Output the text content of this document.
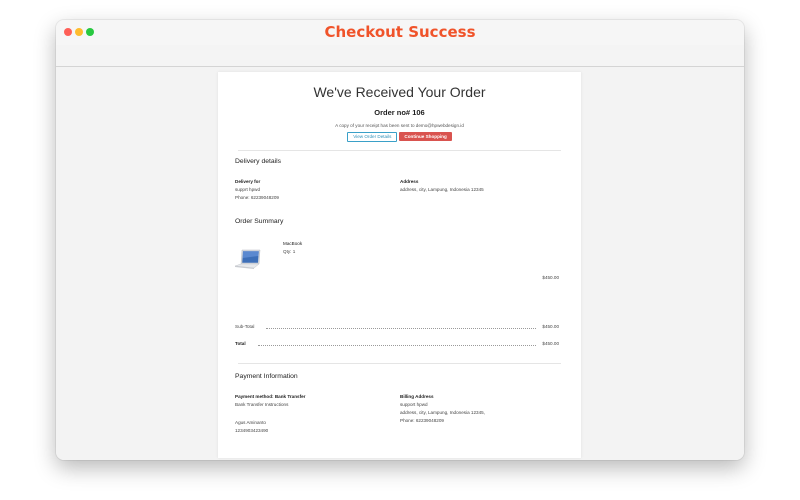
Checkout Success
We've Received Your Order
Order no# 106
A copy of your receipt has been sent to demo@hpwebdesign.id
View Order Details	Continue Shopping
Delivery details
Delivery for
supprt hpwd
Phone: 62239048209
Address
address, city, Lampung, Indonesia 12345
Order Summary
MacBook
Qty: 1
$450.00
Sub-Total	$450.00
Total	$450.00
Payment Information
Payment method: Bank Transfer
Bank Transfer Instructions
Agus Aminanto
1234903423490
Billing Address
support hpwd
address, city, Lampung, Indonesia 12345,
Phone: 62239048209
